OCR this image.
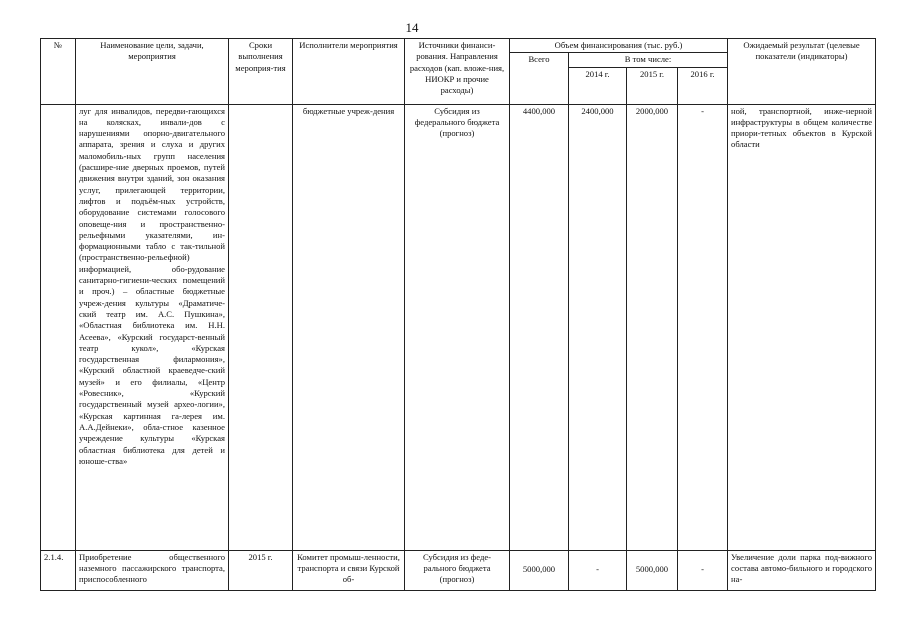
14
№	Наименование цели, задачи, мероприятия	Сроки выполнения мероприя-тия	Исполнители мероприятия	Источники финанси-рования. Направления расходов (кап. вложе-ния, НИОКР и прочие расходы)	Объем финансирования (тыс. руб.)				Ожидаемый результат (целевые показатели (индикаторы)
					Всего	В том числе:			
						2014 г.	2015 г.	2016 г.	
	луг для инвалидов, передви-гающихся на колясках, инвали-дов с нарушениями опорно-двигательного аппарата, зрения и слуха и других маломобиль-ных групп населения (расшире-ние дверных проемов, путей движения внутри зданий, зон оказания услуг, прилегающей территории, лифтов и подъём-ных устройств, оборудование системами голосового оповеще-ния и пространственно-рельефными указателями, ин-формационными табло с так-тильной (пространственно-рельефной) информацией, обо-рудование санитарно-гигиени-ческих помещений и проч.) – областные бюджетные учреж-дения культуры «Драматиче-ский театр им. А.С. Пушкина», «Областная библиотека им. Н.Н. Асеева», «Курский государст-венный театр кукол», «Курская государственная филармония», «Курский областной краеведче-ский музей» и его филиалы, «Центр «Ровесник», «Курский государственный музей архео-логии», «Курская картинная га-лерея им. А.А.Дейнеки», обла-стное казенное учреждение культуры «Курская областная библиотека для детей и юноше-ства»		бюджетные учреж-дения	Субсидия из федерального бюджета (прогноз)	4400,000	2400,000	2000,000	-	ной, транспортной, инже-нерной инфраструктуры в общем количестве приори-тетных объектов в Курской области
2.1.4.	Приобретение общественного наземного пассажирского транспорта, приспособленного	2015 г.	Комитет промыш-ленности, транспорта и связи Курской об-	Субсидия из феде-рального бюджета (прогноз)	5000,000	-	5000,000	-	Увеличение доли парка под-вижного состава автомо-бильного и городского на-
